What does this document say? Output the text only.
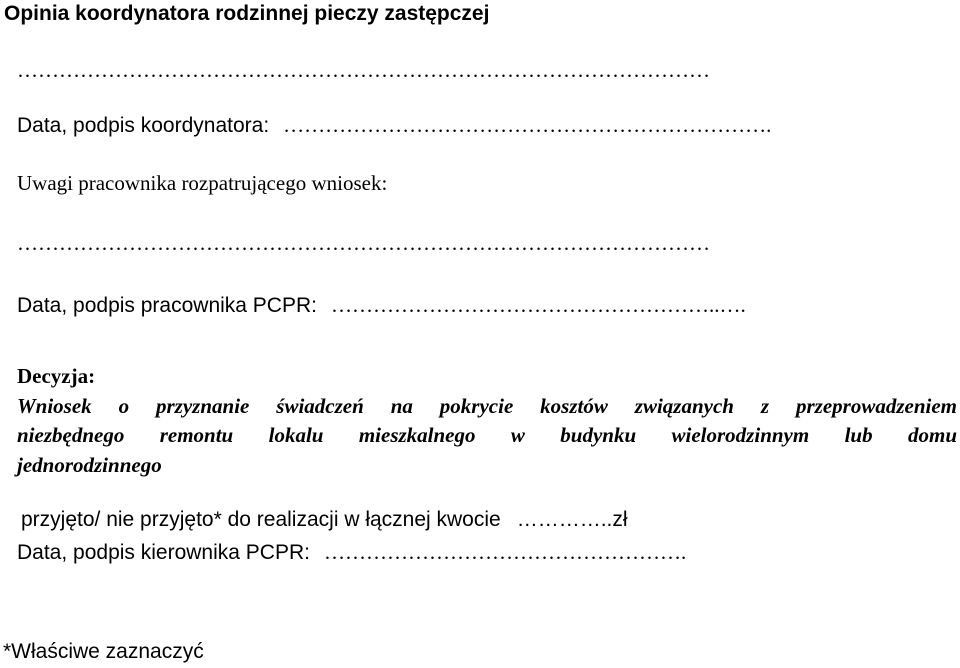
Opinia koordynatora rodzinnej pieczy zastępczej

………………………………………………………………………………………

Data, podpis koordynatora: …………………………………………………………….

Uwagi pracownika rozpatrującego wniosek:

………………………………………………………………………………………

Data, podpis pracownika PCPR: ………………………………………………..….

Decyzja:

Wniosek o przyznanie świadczeń na pokrycie kosztów związanych z przeprowadzeniem
niezbędnego remontu lokalu mieszkalnego w budynku wielorodzinnym lub domu

jednorodzinnego

przyjęto/ nie przyjęto* do realizacji w łącznej kwocie …………..zł
Data, podpis kierownika PCPR: …………………………………………….

*Właściwe zaznaczyć
